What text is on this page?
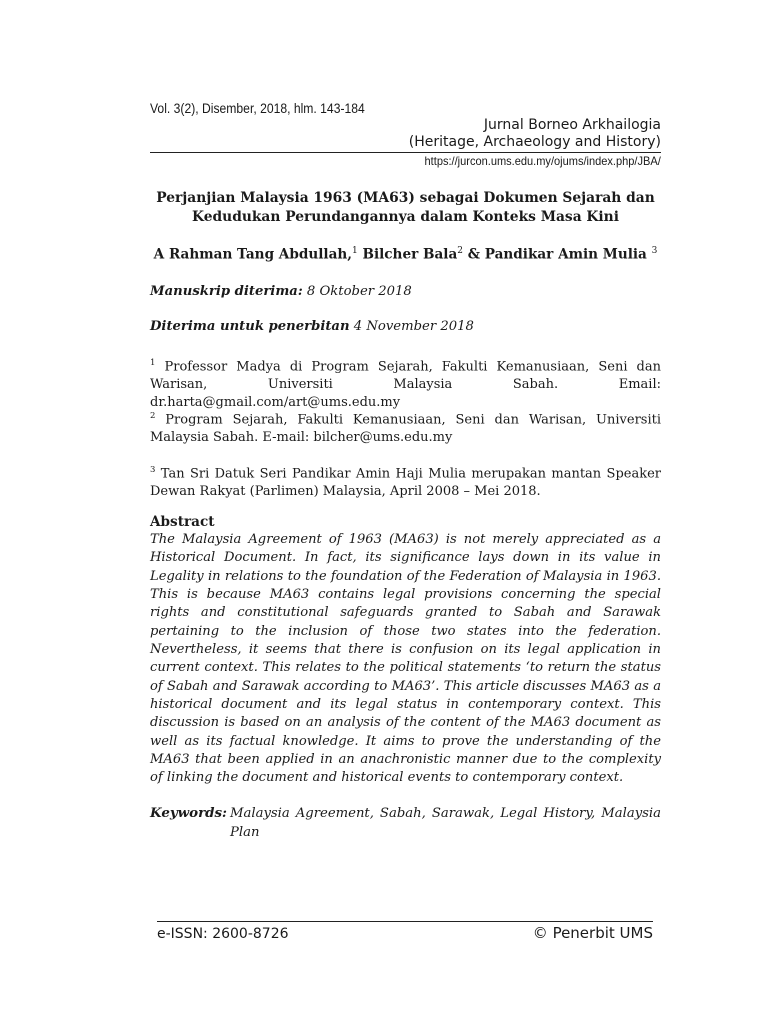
Vol. 3(2), Disember, 2018, hlm. 143-184
Jurnal Borneo Arkhailogia
(Heritage, Archaeology and History)
https://jurcon.ums.edu.my/ojums/index.php/JBA/
Perjanjian Malaysia 1963 (MA63) sebagai Dokumen Sejarah dan
Kedudukan Perundangannya dalam Konteks Masa Kini
A Rahman Tang Abdullah,$^1$ Bilcher Bala$^2$ & Pandikar Amin Mulia $^3$
Manuskrip diterima: 8 Oktober 2018
Diterima untuk penerbitan 4 November 2018
$^1$ Professor Madya di Program Sejarah, Fakulti Kemanusiaan, Seni dan Warisan, Universiti Malaysia Sabah. Email: dr.harta@gmail.com/art@ums.edu.my
$^2$ Program Sejarah, Fakulti Kemanusiaan, Seni dan Warisan, Universiti Malaysia Sabah. E-mail: bilcher@ums.edu.my
$^3$ Tan Sri Datuk Seri Pandikar Amin Haji Mulia merupakan mantan Speaker Dewan Rakyat (Parlimen) Malaysia, April 2008 – Mei 2018.
Abstract
The Malaysia Agreement of 1963 (MA63) is not merely appreciated as a Historical Document. In fact, its significance lays down in its value in Legality in relations to the foundation of the Federation of Malaysia in 1963. This is because MA63 contains legal provisions concerning the special rights and constitutional safeguards granted to Sabah and Sarawak pertaining to the inclusion of those two states into the federation. Nevertheless, it seems that there is confusion on its legal application in current context. This relates to the political statements ‘to return the status of Sabah and Sarawak according to MA63’. This article discusses MA63 as a historical document and its legal status in contemporary context. This discussion is based on an analysis of the content of the MA63 document as well as its factual knowledge. It aims to prove the understanding of the MA63 that been applied in an anachronistic manner due to the complexity of linking the document and historical events to contemporary context.
Keywords: Malaysia Agreement, Sabah, Sarawak, Legal History, Malaysia Plan
e-ISSN: 2600-8726	© Penerbit UMS
